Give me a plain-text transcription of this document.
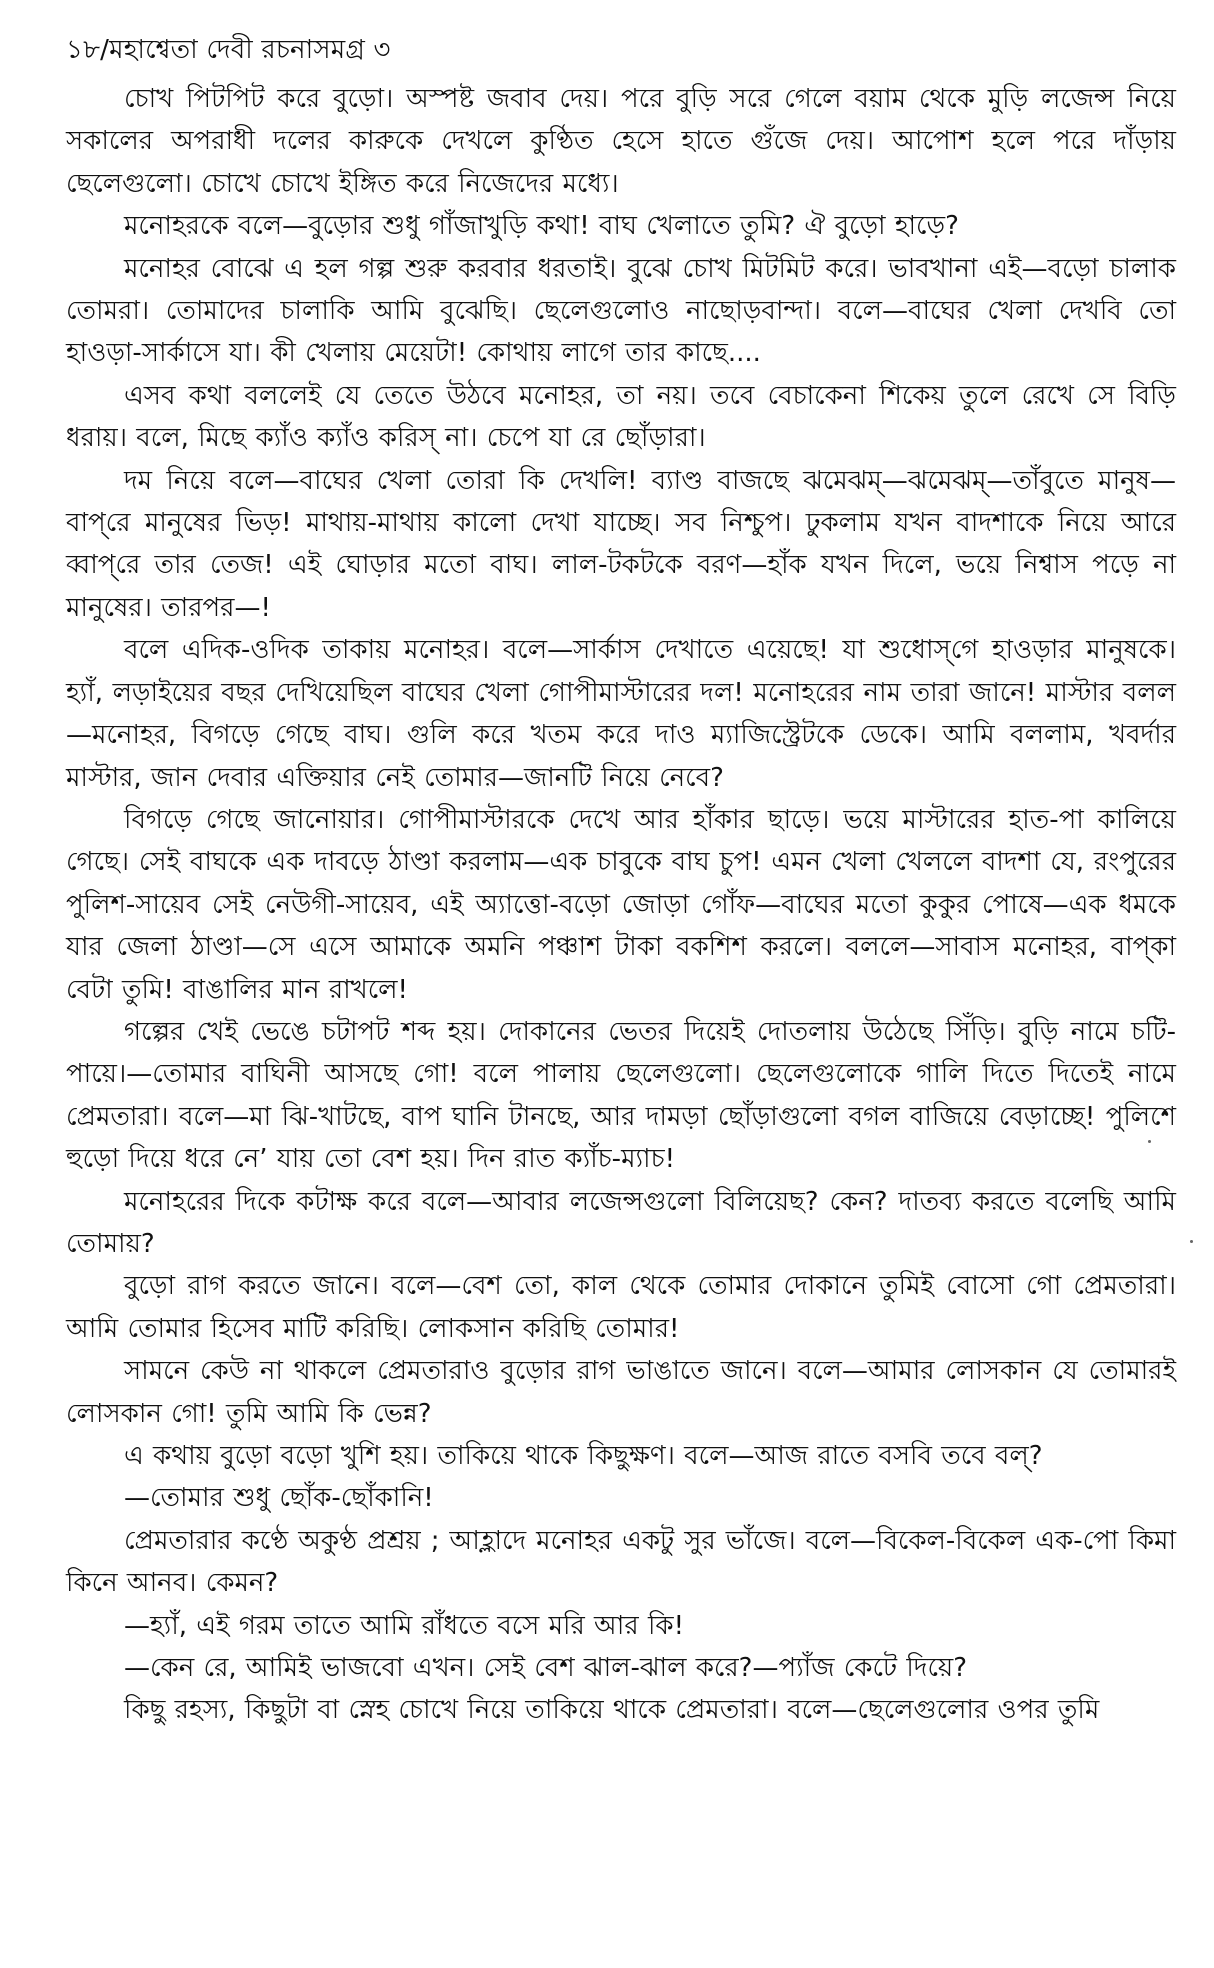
১৮/মহাশ্বেতা দেবী রচনাসমগ্র ৩

চোখ পিটপিট করে বুড়ো। অস্পষ্ট জবাব দেয়। পরে বুড়ি সরে গেলে বয়াম থেকে মুড়ি লজেন্স নিয়ে সকালের অপরাধী দলের কারুকে দেখলে কুণ্ঠিত হেসে হাতে গুঁজে দেয়। আপোশ হলে পরে দাঁড়ায় ছেলেগুলো। চোখে চোখে ইঙ্গিত করে নিজেদের মধ্যে।

মনোহরকে বলে—বুড়োর শুধু গাঁজাখুড়ি কথা! বাঘ খেলাতে তুমি? ঐ বুড়ো হাড়ে?

মনোহর বোঝে এ হল গল্প শুরু করবার ধরতাই। বুঝে চোখ মিটমিট করে। ভাবখানা এই—বড়ো চালাক তোমরা। তোমাদের চালাকি আমি বুঝেছি। ছেলেগুলোও নাছোড়বান্দা। বলে—বাঘের খেলা দেখবি তো হাওড়া-সার্কাসে যা। কী খেলায় মেয়েটা! কোথায় লাগে তার কাছে....

এসব কথা বললেই যে তেতে উঠবে মনোহর, তা নয়। তবে বেচাকেনা শিকেয় তুলে রেখে সে বিড়ি ধরায়। বলে, মিছে ক্যাঁও ক্যাঁও করিস্ না। চেপে যা রে ছোঁড়ারা।

দম নিয়ে বলে—বাঘের খেলা তোরা কি দেখলি! ব্যাণ্ড বাজছে ঝমেঝম্—ঝমেঝম্—তাঁবুতে মানুষ—বাপ্‌রে মানুষের ভিড়! মাথায়-মাথায় কালো দেখা যাচ্ছে। সব নিশ্চুপ। ঢুকলাম যখন বাদশাকে নিয়ে আরে ব্বাপ্‌রে তার তেজ! এই ঘোড়ার মতো বাঘ। লাল-টকটকে বরণ—হাঁক যখন দিলে, ভয়ে নিশ্বাস পড়ে না মানুষের। তারপর—!

বলে এদিক-ওদিক তাকায় মনোহর। বলে—সার্কাস দেখাতে এয়েছে! যা শুধোস্‌গে হাওড়ার মানুষকে। হ্যাঁ, লড়াইয়ের বছর দেখিয়েছিল বাঘের খেলা গোপীমাস্টারের দল! মনোহরের নাম তারা জানে! মাস্টার বলল—মনোহর, বিগড়ে গেছে বাঘ। গুলি করে খতম করে দাও ম্যাজিস্ট্রেটকে ডেকে। আমি বললাম, খবর্দার মাস্টার, জান দেবার এক্তিয়ার নেই তোমার—জানটি নিয়ে নেবে?

বিগড়ে গেছে জানোয়ার। গোপীমাস্টারকে দেখে আর হাঁকার ছাড়ে। ভয়ে মাস্টারের হাত-পা কালিয়ে গেছে। সেই বাঘকে এক দাবড়ে ঠাণ্ডা করলাম—এক চাবুকে বাঘ চুপ! এমন খেলা খেললে বাদশা যে, রংপুরের পুলিশ-সায়েব সেই নেউগী-সায়েব, এই অ্যাত্তো-বড়ো জোড়া গোঁফ—বাঘের মতো কুকুর পোষে—এক ধমকে যার জেলা ঠাণ্ডা—সে এসে আমাকে অমনি পঞ্চাশ টাকা বকশিশ করলে। বললে—সাবাস মনোহর, বাপ্‌কা বেটা তুমি! বাঙালির মান রাখলে!

গল্পের খেই ভেঙে চটাপট শব্দ হয়। দোকানের ভেতর দিয়েই দোতলায় উঠেছে সিঁড়ি। বুড়ি নামে চটি-পায়ে।—তোমার বাঘিনী আসছে গো! বলে পালায় ছেলেগুলো। ছেলেগুলোকে গালি দিতে দিতেই নামে প্রেমতারা। বলে—মা ঝি-খাটছে, বাপ ঘানি টানছে, আর দামড়া ছোঁড়াগুলো বগল বাজিয়ে বেড়াচ্ছে! পুলিশে হুড়ো দিয়ে ধরে নে’ যায় তো বেশ হয়। দিন রাত ক্যাঁচ-ম্যাচ!

মনোহরের দিকে কটাক্ষ করে বলে—আবার লজেন্সগুলো বিলিয়েছ? কেন? দাতব্য করতে বলেছি আমি তোমায়?

বুড়ো রাগ করতে জানে। বলে—বেশ তো, কাল থেকে তোমার দোকানে তুমিই বোসো গো প্রেমতারা। আমি তোমার হিসেব মাটি করিছি। লোকসান করিছি তোমার!

সামনে কেউ না থাকলে প্রেমতারাও বুড়োর রাগ ভাঙাতে জানে। বলে—আমার লোসকান যে তোমারই লোসকান গো! তুমি আমি কি ভেন্ন?

এ কথায় বুড়ো বড়ো খুশি হয়। তাকিয়ে থাকে কিছুক্ষণ। বলে—আজ রাতে বসবি তবে বল্?

—তোমার শুধু ছোঁক-ছোঁকানি!

প্রেমতারার কণ্ঠে অকুণ্ঠ প্রশ্রয় ; আহ্লাদে মনোহর একটু সুর ভাঁজে। বলে—বিকেল-বিকেল এক-পো কিমা কিনে আনব। কেমন?

—হ্যাঁ, এই গরম তাতে আমি রাঁধতে বসে মরি আর কি!

—কেন রে, আমিই ভাজবো এখন। সেই বেশ ঝাল-ঝাল করে?—প্যাঁজ কেটে দিয়ে?

কিছু রহস্য, কিছুটা বা স্নেহ চোখে নিয়ে তাকিয়ে থাকে প্রেমতারা। বলে—ছেলেগুলোর ওপর তুমি
